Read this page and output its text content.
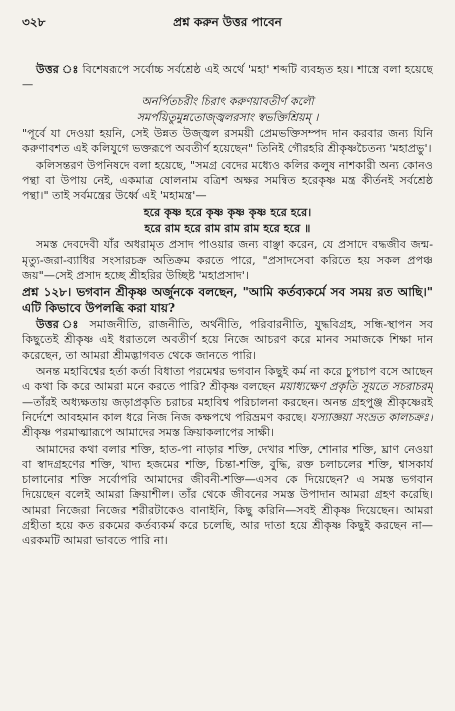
৩২৮	প্রশ্ন করুন উত্তর পাবেন

উত্তর ঃ বিশেষরূপে সর্বোচ্চ সর্বশ্রেষ্ঠ এই অর্থে 'মহা' শব্দটি ব্যবহৃত হয়। শাস্ত্রে বলা হয়েছে—

অনর্পিতচরীং চিরাৎ করুণয়াবতীর্ণ কলৌ

সমর্পয়িতুমুন্নতোজ্জ্বলরসাং স্বভক্তিশ্রিয়ম্ ।

"পূর্বে যা দেওয়া হয়নি, সেই উন্নত উজ্জ্বল রসময়ী প্রেমভক্তিসম্পদ দান করবার জন্য যিনি করুণাবশত এই কলিযুগে ভক্তরূপে অবতীর্ণ হয়েছেন" তিনিই গৌরহরি শ্রীকৃষ্ণচৈতন্য 'মহাপ্রভু'।

কলিসন্তরণ উপনিষদে বলা হয়েছে, "সমগ্র বেদের মধ্যেও কলির কলুষ নাশকারী অন্য কোনও পন্থা বা উপায় নেই, একমাত্র ষোলনাম বত্রিশ অক্ষর সমন্বিত হরেকৃষ্ণ মন্ত্র কীর্তনই সর্বশ্রেষ্ঠ পন্থা।" তাই সর্বমন্ত্রের উর্ধ্বে এই 'মহামন্ত্র'—

হরে কৃষ্ণ হরে কৃষ্ণ কৃষ্ণ কৃষ্ণ হরে হরে।

হরে রাম হরে রাম রাম রাম হরে হরে ॥

সমস্ত দেবদেবী যাঁর অধরামৃত প্রসাদ পাওয়ার জন্য বাঞ্ছা করেন, যে প্রসাদে বদ্ধজীব জন্ম-মৃত্যু-জরা-ব্যাধির সংসারচক্র অতিক্রম করতে পারে, "প্রসাদসেবা করিতে হয় সকল প্রপঞ্চ জয়"—সেই প্রসাদ হচ্ছে শ্রীহরির উচ্ছিষ্ট 'মহাপ্রসাদ'।

প্রশ্ন ১২৮। ভগবান শ্রীকৃষ্ণ অর্জুনকে বলছেন, "আমি কর্তব্যকর্মে সব সময় রত আছি।" এটি কিভাবে উপলব্ধি করা যায়?

উত্তর ঃ সমাজনীতি, রাজনীতি, অর্থনীতি, পরিবারনীতি, যুদ্ধবিগ্রহ, সন্ধি-স্থাপন সব কিছুতেই শ্রীকৃষ্ণ এই ধরাতলে অবতীর্ণ হয়ে নিজে আচরণ করে মানব সমাজকে শিক্ষা দান করেছেন, তা আমরা শ্রীমদ্ভাগবত থেকে জানতে পারি।

অনন্ত মহাবিশ্বের হর্তা কর্তা বিধাতা পরমেশ্বর ভগবান কিছুই কর্ম না করে চুপচাপ বসে আছেন এ কথা কি করে আমরা মনে করতে পারি? শ্রীকৃষ্ণ বলছেন ময়াধ্যক্ষেণ প্রকৃতি সূয়তে সচরাচরম্—তাঁরই অধ্যক্ষতায় জড়াপ্রকৃতি চরাচর মহাবিশ্ব পরিচালনা করছেন। অনন্ত গ্রহপুঞ্জ শ্রীকৃষ্ণেরই নির্দেশে আবহমান কাল ধরে নিজ নিজ কক্ষপথে পরিভ্রমণ করছে। যস্যাজ্ঞয়া সংভ্রত কালচক্রঃ। শ্রীকৃষ্ণ পরমাত্মারূপে আমাদের সমস্ত ক্রিয়াকলাপের সাক্ষী।

আমাদের কথা বলার শক্তি, হাত-পা নাড়ার শক্তি, দেখার শক্তি, শোনার শক্তি, ঘ্রাণ নেওয়া বা স্বাদগ্রহণের শক্তি, খাদ্য হজমের শক্তি, চিন্তা-শক্তি, বুদ্ধি, রক্ত চলাচলের শক্তি, শ্বাসকার্য চালানোর শক্তি সর্বোপরি আমাদের জীবনী-শক্তি—এসব কে দিয়েছেন? এ সমস্ত ভগবান দিয়েছেন বলেই আমরা ক্রিয়াশীল। তাঁর থেকে জীবনের সমস্ত উপাদান আমরা গ্রহণ করেছি। আমরা নিজেরা নিজের শরীরটাকেও বানাইনি, কিছু করিনি—সবই শ্রীকৃষ্ণ দিয়েছেন। আমরা গ্রহীতা হয়ে কত রকমের কর্তব্যকর্ম করে চলেছি, আর দাতা হয়ে শ্রীকৃষ্ণ কিছুই করছেন না—এরকমটি আমরা ভাবতে পারি না।
